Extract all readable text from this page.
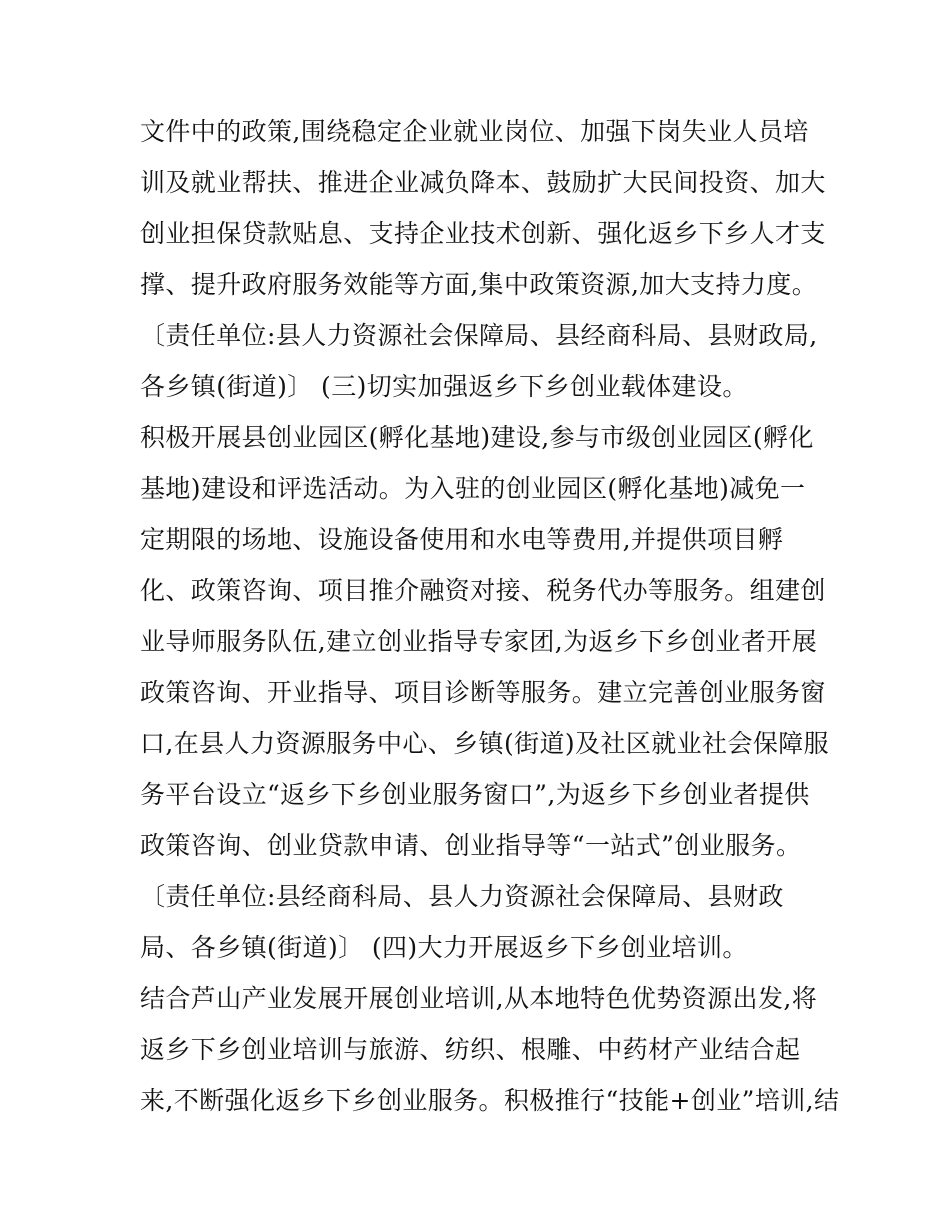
文件中的政策,围绕稳定企业就业岗位、加强下岗失业人员培
训及就业帮扶、推进企业减负降本、鼓励扩大民间投资、加大
创业担保贷款贴息、支持企业技术创新、强化返乡下乡人才支
撑、提升政府服务效能等方面,集中政策资源,加大支持力度。
〔责任单位:县人力资源社会保障局、县经商科局、县财政局,
各乡镇(街道)〕 (三)切实加强返乡下乡创业载体建设。
积极开展县创业园区(孵化基地)建设,参与市级创业园区(孵化
基地)建设和评选活动。为入驻的创业园区(孵化基地)减免一
定期限的场地、设施设备使用和水电等费用,并提供项目孵
化、政策咨询、项目推介融资对接、税务代办等服务。组建创
业导师服务队伍,建立创业指导专家团,为返乡下乡创业者开展
政策咨询、开业指导、项目诊断等服务。建立完善创业服务窗
口,在县人力资源服务中心、乡镇(街道)及社区就业社会保障服
务平台设立“返乡下乡创业服务窗口”,为返乡下乡创业者提供
政策咨询、创业贷款申请、创业指导等“一站式”创业服务。
〔责任单位:县经商科局、县人力资源社会保障局、县财政
局、各乡镇(街道)〕 (四)大力开展返乡下乡创业培训。
结合芦山产业发展开展创业培训,从本地特色优势资源出发,将
返乡下乡创业培训与旅游、纺织、根雕、中药材产业结合起
来,不断强化返乡下乡创业服务。积极推行“技能+创业”培训,结
